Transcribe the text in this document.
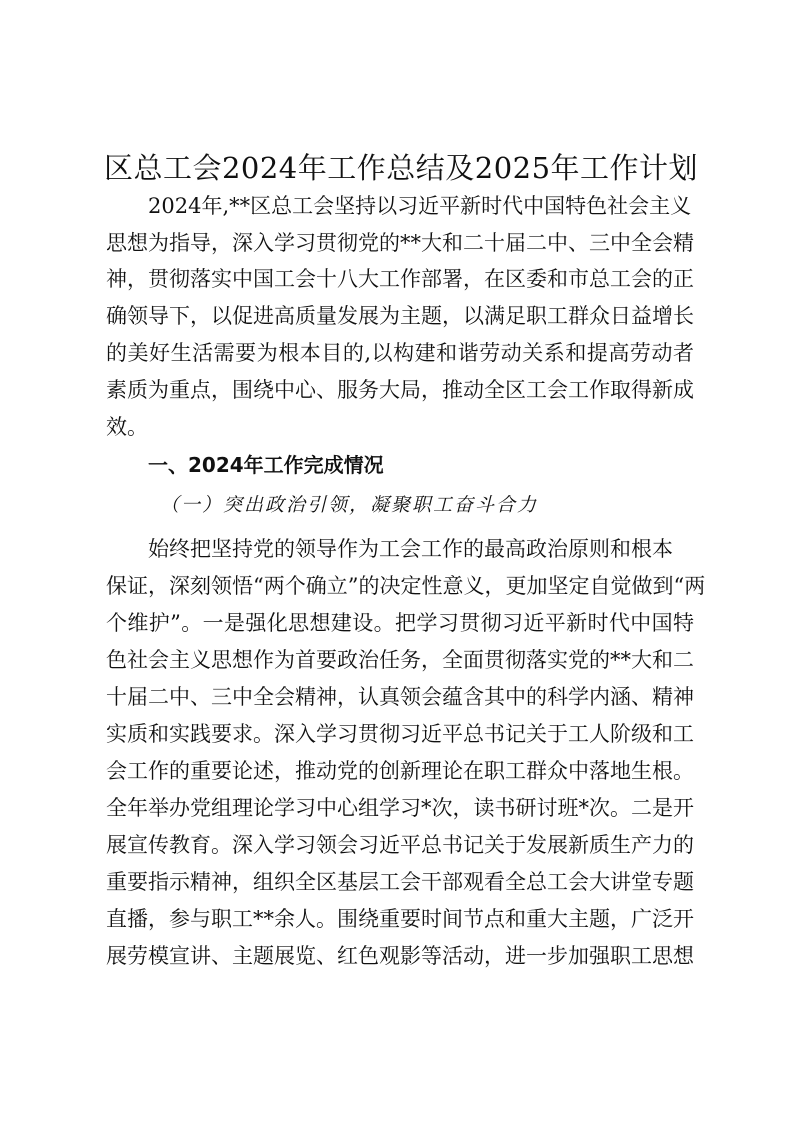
区总工会2024年工作总结及2025年工作计划
2024年,**区总工会坚持以习近平新时代中国特色社会主义
思想为指导，深入学习贯彻党的**大和二十届二中、三中全会精
神，贯彻落实中国工会十八大工作部署，在区委和市总工会的正
确领导下，以促进高质量发展为主题，以满足职工群众日益增长
的美好生活需要为根本目的,以构建和谐劳动关系和提高劳动者
素质为重点，围绕中心、服务大局，推动全区工会工作取得新成
效。
一、2024年工作完成情况
（一）突出政治引领，凝聚职工奋斗合力
始终把坚持党的领导作为工会工作的最高政治原则和根本
保证，深刻领悟“两个确立”的决定性意义，更加坚定自觉做到“两
个维护”。一是强化思想建设。把学习贯彻习近平新时代中国特
色社会主义思想作为首要政治任务，全面贯彻落实党的**大和二
十届二中、三中全会精神，认真领会蕴含其中的科学内涵、精神
实质和实践要求。深入学习贯彻习近平总书记关于工人阶级和工
会工作的重要论述，推动党的创新理论在职工群众中落地生根。
全年举办党组理论学习中心组学习*次，读书研讨班*次。二是开
展宣传教育。深入学习领会习近平总书记关于发展新质生产力的
重要指示精神，组织全区基层工会干部观看全总工会大讲堂专题
直播，参与职工**余人。围绕重要时间节点和重大主题，广泛开
展劳模宣讲、主题展览、红色观影等活动，进一步加强职工思想
